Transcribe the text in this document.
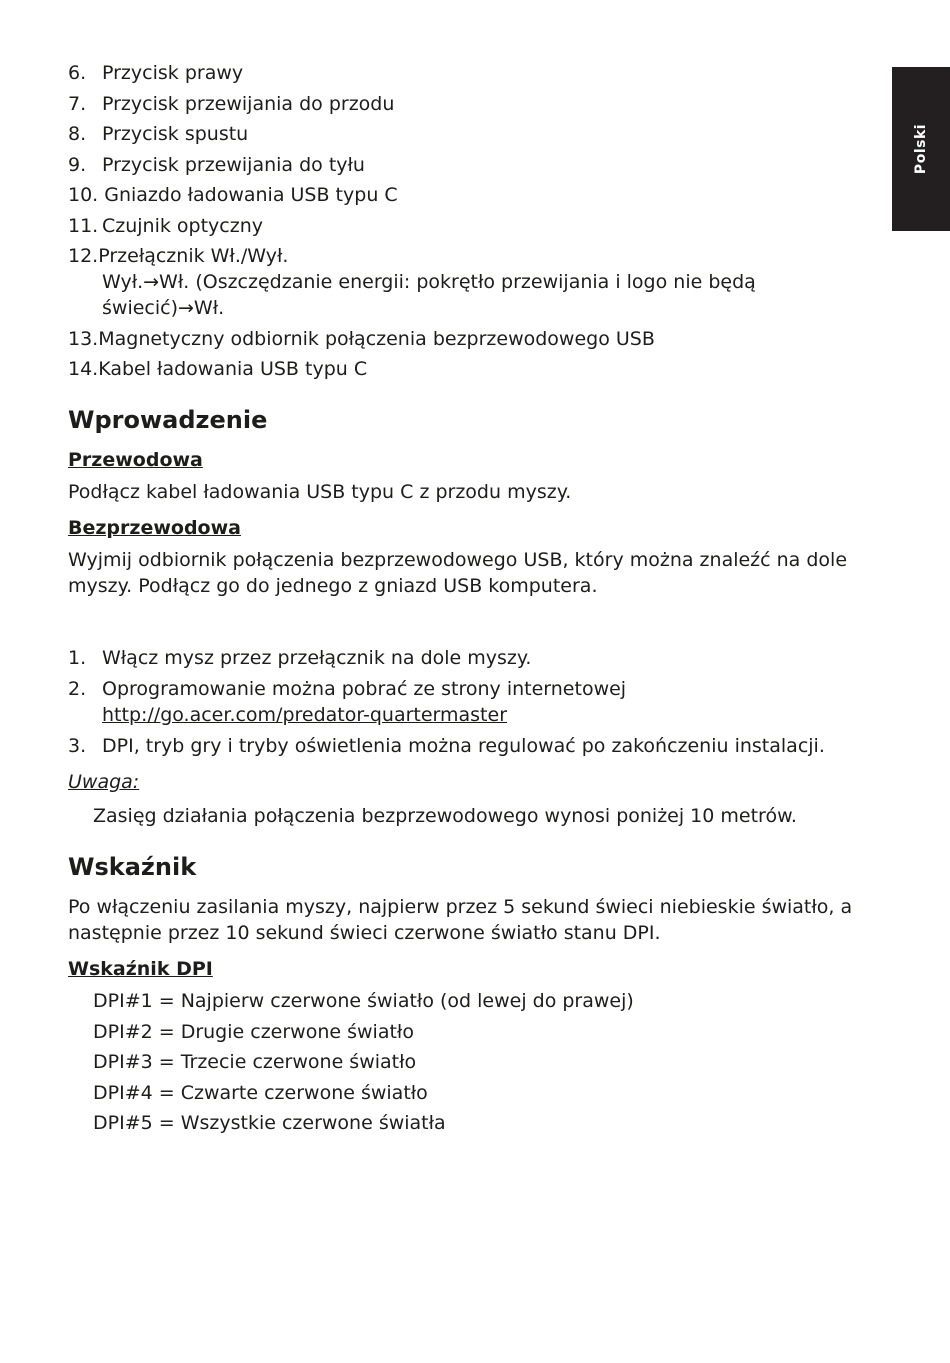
Polski
6. Przycisk prawy
7. Przycisk przewijania do przodu
8. Przycisk spustu
9. Przycisk przewijania do tyłu
10. Gniazdo ładowania USB typu C
11. Czujnik optyczny
12.Przełącznik Wł./Wył.
Wył.→Wł. (Oszczędzanie energii: pokrętło przewijania i logo nie będą świecić)→Wł.
13.Magnetyczny odbiornik połączenia bezprzewodowego USB
14.Kabel ładowania USB typu C
Wprowadzenie
Przewodowa

Podłącz kabel ładowania USB typu C z przodu myszy.

Bezprzewodowa

Wyjmij odbiornik połączenia bezprzewodowego USB, który można znaleźć na dole myszy. Podłącz go do jednego z gniazd USB komputera.

1. Włącz mysz przez przełącznik na dole myszy.
2. Oprogramowanie można pobrać ze strony internetowej
http://go.acer.com/predator-quartermaster
3. DPI, tryb gry i tryby oświetlenia można regulować po zakończeniu instalacji.
Uwaga:

Zasięg działania połączenia bezprzewodowego wynosi poniżej 10 metrów.

Wskaźnik

Po włączeniu zasilania myszy, najpierw przez 5 sekund świeci niebieskie światło, a następnie przez 10 sekund świeci czerwone światło stanu DPI.

Wskaźnik DPI
DPI#1 = Najpierw czerwone światło (od lewej do prawej)
DPI#2 = Drugie czerwone światło
DPI#3 = Trzecie czerwone światło
DPI#4 = Czwarte czerwone światło
DPI#5 = Wszystkie czerwone światła
